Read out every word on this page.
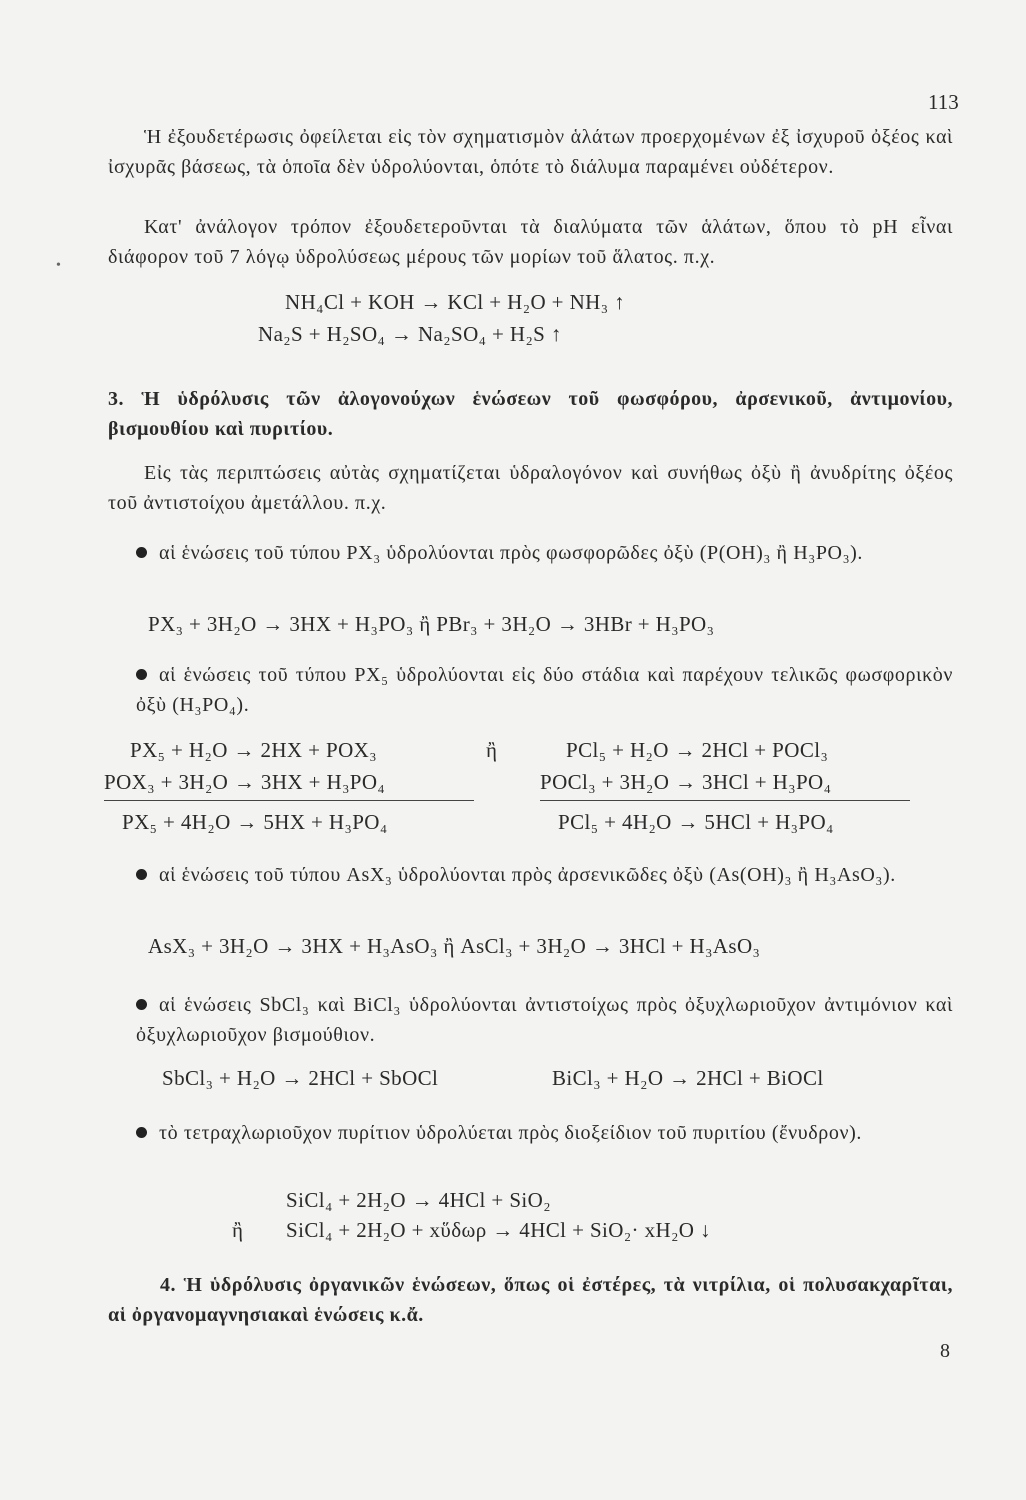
113
•
Ἡ ἐξουδετέρωσις ὀφείλεται εἰς τὸν σχηματισμὸν ἁλάτων προερχομένων ἐξ ἰσχυροῦ ὀξέος καὶ ἰσχυρᾶς βάσεως, τὰ ὁποῖα δὲν ὑδρολύονται, ὁπότε τὸ διάλυμα παραμένει οὐδέτερον.
Κατ' ἀνάλογον τρόπον ἐξουδετεροῦνται τὰ διαλύματα τῶν ἁλάτων, ὅπου τὸ pH εἶναι διάφορον τοῦ 7 λόγῳ ὑδρολύσεως μέρους τῶν μορίων τοῦ ἅλατος. π.χ.
NH₄Cl + KOH → KCl + H₂O + NH₃ ↑
Na₂S + H₂SO₄ → Na₂SO₄ + H₂S ↑
3. Ἡ ὑδρόλυσις τῶν ἀλογονούχων ἑνώσεων τοῦ φωσφόρου, ἀρσενικοῦ, ἀντιμονίου, βισμουθίου καὶ πυριτίου.
Εἰς τὰς περιπτώσεις αὐτὰς σχηματίζεται ὑδραλογόνον καὶ συνήθως ὀξὺ ἢ ἀνυδρίτης ὀξέος τοῦ ἀντιστοίχου ἀμετάλλου. π.χ.
αἱ ἑνώσεις τοῦ τύπου PX₃ ὑδρολύονται πρὸς φωσφορῶδες ὀξὺ (P(OH)₃ ἢ H₃PO₃).
PX₃ + 3H₂O → 3HX + H₃PO₃ ἢ PBr₃ + 3H₂O → 3HBr + H₃PO₃
αἱ ἑνώσεις τοῦ τύπου PX₅ ὑδρολύονται εἰς δύο στάδια καὶ παρέχουν τελικῶς φωσφορικὸν ὀξὺ (H₃PO₄).
PX₅ + H₂O → 2HX + POX₃	ἢ	PCl₅ + H₂O → 2HCl + POCl₃
POX₃ + 3H₂O → 3HX + H₃PO₄	POCl₃ + 3H₂O → 3HCl + H₃PO₄
PX₅ + 4H₂O → 5HX + H₃PO₄	PCl₅ + 4H₂O → 5HCl + H₃PO₄
αἱ ἑνώσεις τοῦ τύπου AsX₃ ὑδρολύονται πρὸς ἀρσενικῶδες ὀξὺ (As(OH)₃ ἢ H₃AsO₃).
AsX₃ + 3H₂O → 3HX + H₃AsO₃ ἢ AsCl₃ + 3H₂O → 3HCl + H₃AsO₃
αἱ ἑνώσεις SbCl₃ καὶ BiCl₃ ὑδρολύονται ἀντιστοίχως πρὸς ὀξυχλωριοῦχον ἀντιμόνιον καὶ ὀξυχλωριοῦχον βισμούθιον.
SbCl₃ + H₂O → 2HCl + SbOCl	BiCl₃ + H₂O → 2HCl + BiOCl
τὸ τετραχλωριοῦχον πυρίτιον ὑδρολύεται πρὸς διοξείδιον τοῦ πυριτίου (ἔνυδρον).
SiCl₄ + 2H₂O → 4HCl + SiO₂
ἢ SiCl₄ + 2H₂O + xὕδωρ → 4HCl + SiO₂· xH₂O ↓
4. Ἡ ὑδρόλυσις ὀργανικῶν ἑνώσεων, ὅπως οἱ ἐστέρες, τὰ νιτρίλια, οἱ πολυσακχαρῖται, αἱ ὀργανομαγνησιακαὶ ἑνώσεις κ.ἄ.
8
